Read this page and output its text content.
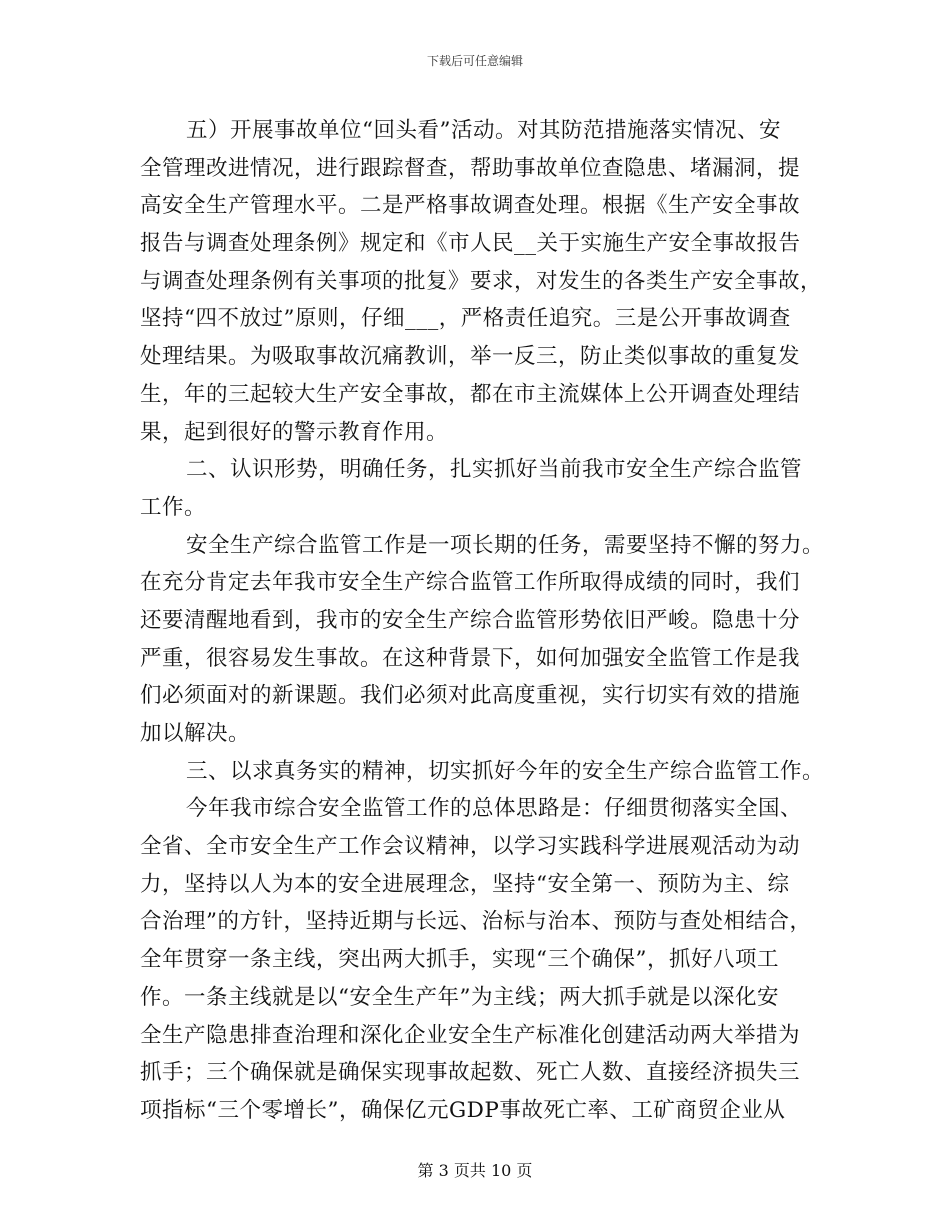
下载后可任意编辑
五）开展事故单位“回头看”活动。对其防范措施落实情况、安
全管理改进情况，进行跟踪督查，帮助事故单位查隐患、堵漏洞，提
高安全生产管理水平。二是严格事故调查处理。根据《生产安全事故
报告与调查处理条例》规定和《市人民__关于实施生产安全事故报告
与调查处理条例有关事项的批复》要求，对发生的各类生产安全事故，
坚持“四不放过”原则，仔细___，严格责任追究。三是公开事故调查
处理结果。为吸取事故沉痛教训，举一反三，防止类似事故的重复发
生，年的三起较大生产安全事故，都在市主流媒体上公开调查处理结
果，起到很好的警示教育作用。
二、认识形势，明确任务，扎实抓好当前我市安全生产综合监管
工作。
安全生产综合监管工作是一项长期的任务，需要坚持不懈的努力。
在充分肯定去年我市安全生产综合监管工作所取得成绩的同时，我们
还要清醒地看到，我市的安全生产综合监管形势依旧严峻。隐患十分
严重，很容易发生事故。在这种背景下，如何加强安全监管工作是我
们必须面对的新课题。我们必须对此高度重视，实行切实有效的措施
加以解决。
三、以求真务实的精神，切实抓好今年的安全生产综合监管工作。
今年我市综合安全监管工作的总体思路是：仔细贯彻落实全国、
全省、全市安全生产工作会议精神，以学习实践科学进展观活动为动
力，坚持以人为本的安全进展理念，坚持“安全第一、预防为主、综
合治理”的方针，坚持近期与长远、治标与治本、预防与查处相结合，
全年贯穿一条主线，突出两大抓手，实现“三个确保”，抓好八项工
作。一条主线就是以“安全生产年”为主线；两大抓手就是以深化安
全生产隐患排查治理和深化企业安全生产标准化创建活动两大举措为
抓手；三个确保就是确保实现事故起数、死亡人数、直接经济损失三
项指标“三个零增长”，确保亿元GDP事故死亡率、工矿商贸企业从
第 3 页共 10 页
